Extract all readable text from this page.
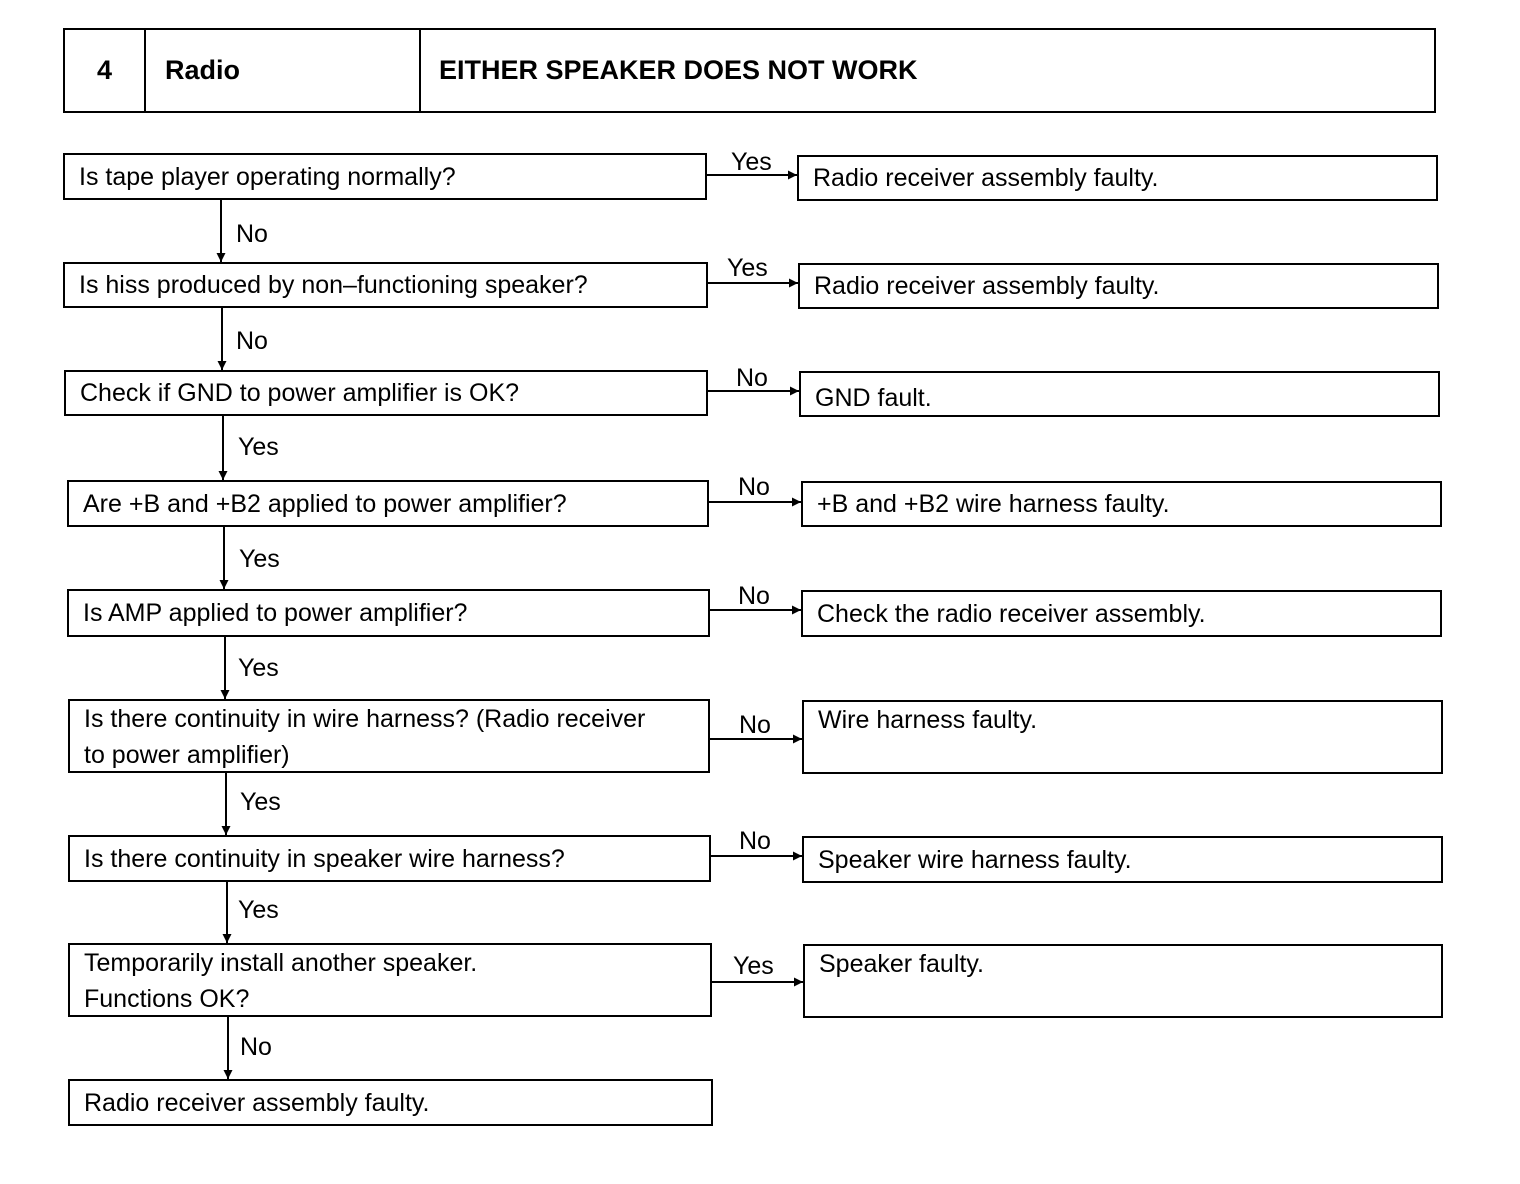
4	Radio	EITHER SPEAKER DOES NOT WORK
Is tape player operating normally?
Yes
Radio receiver assembly faulty.
No
Is hiss produced by non–functioning speaker?
Yes
Radio receiver assembly faulty.
No
Check if GND to power amplifier is OK?
No
GND fault.
Yes
Are +B and +B2 applied to power amplifier?
No
+B and +B2 wire harness faulty.
Yes
Is AMP applied to power amplifier?
No
Check the radio receiver assembly.
Yes
Is there continuity in wire harness? (Radio receiver
to power amplifier)
No Wire harness faulty.
Yes
Is there continuity in speaker wire harness?
No
Speaker wire harness faulty.
Yes
Temporarily install another speaker.
Functions OK?
Yes Speaker faulty.
No
Radio receiver assembly faulty.
